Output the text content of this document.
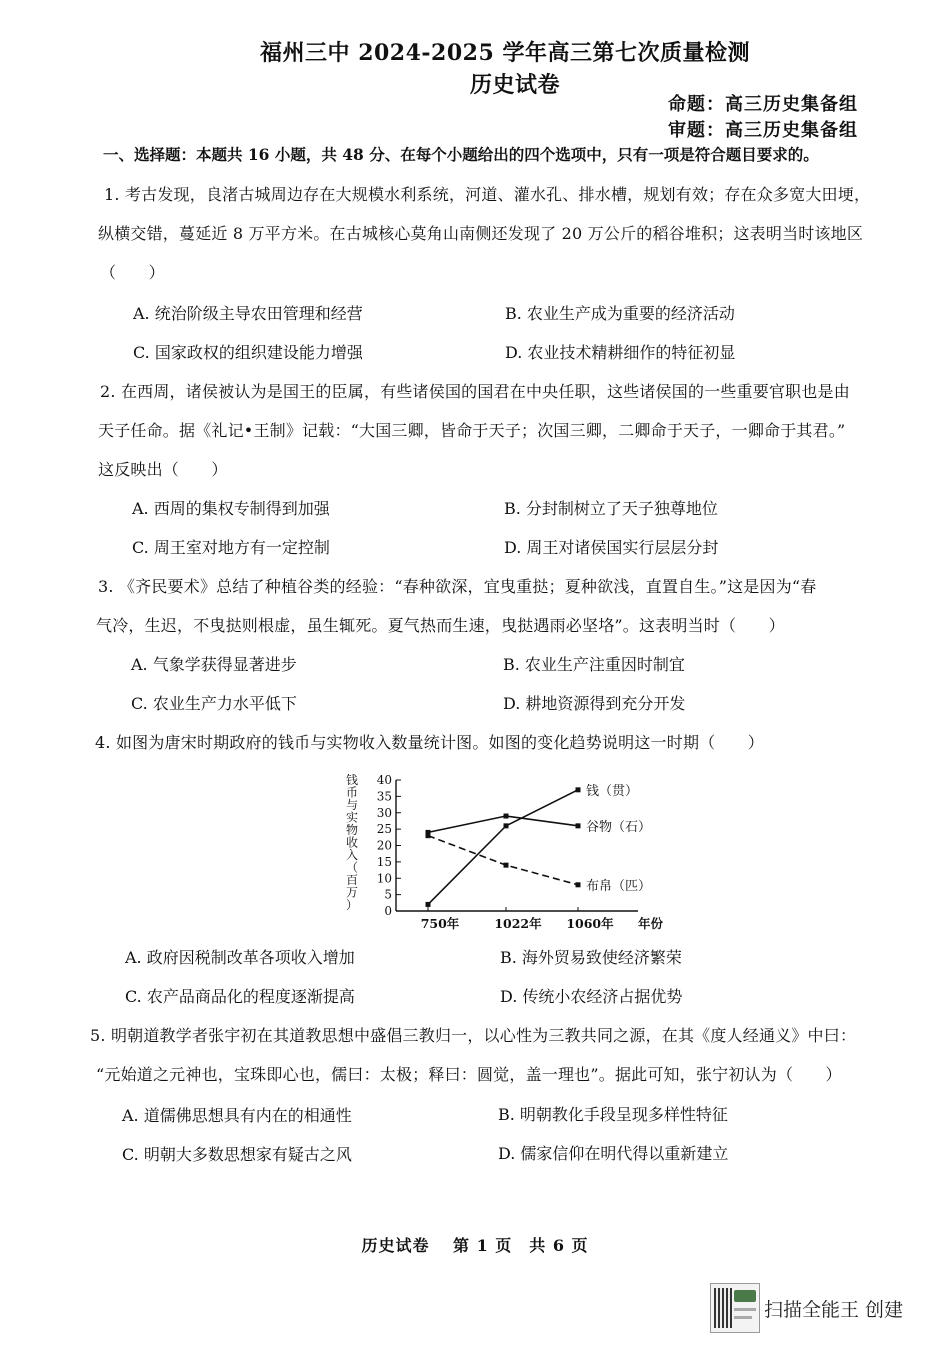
福州三中 2024-2025 学年高三第七次质量检测
历史试卷
命题：高三历史集备组
审题：高三历史集备组
一、选择题：本题共 16 小题，共 48 分、在每个小题给出的四个选项中，只有一项是符合题目要求的。
1. 考古发现，良渚古城周边存在大规模水利系统，河道、灌水孔、排水槽，规划有效；存在众多宽大田埂，
纵横交错，蔓延近 8 万平方米。在古城核心莫角山南侧还发现了 20 万公斤的稻谷堆积；这表明当时该地区
（　　）
A. 统治阶级主导农田管理和经营	B. 农业生产成为重要的经济活动
C. 国家政权的组织建设能力增强	D. 农业技术精耕细作的特征初显
2. 在西周，诸侯被认为是国王的臣属，有些诸侯国的国君在中央任职，这些诸侯国的一些重要官职也是由
天子任命。据《礼记•王制》记载：“大国三卿，皆命于天子；次国三卿，二卿命于天子，一卿命于其君。”
这反映出（　　）
A. 西周的集权专制得到加强	B. 分封制树立了天子独尊地位
C. 周王室对地方有一定控制	D. 周王对诸侯国实行层层分封
3. 《齐民要术》总结了种植谷类的经验：“春种欲深，宜曳重挞；夏种欲浅，直置自生。”这是因为“春
气冷，生迟，不曳挞则根虚，虽生辄死。夏气热而生速，曳挞遇雨必坚垎”。这表明当时（　　）
A. 气象学获得显著进步	B. 农业生产注重因时制宜
C. 农业生产力水平低下	D. 耕地资源得到充分开发
4. 如图为唐宋时期政府的钱币与实物收入数量统计图。如图的变化趋势说明这一时期（　　）
钱
币
与
实
物
收
入
（
百
万
） 0
5
10
15
20
25
30
35
40
750年	1022年 1060年 年份
钱（贯）
谷物（石）
布帛（匹）
A. 政府因税制改革各项收入增加	B. 海外贸易致使经济繁荣
C. 农产品商品化的程度逐渐提高	D. 传统小农经济占据优势
5. 明朝道教学者张宇初在其道教思想中盛倡三教归一，以心性为三教共同之源，在其《度人经通义》中曰：
“元始道之元神也，宝珠即心也，儒曰：太极；释曰：圆觉，盖一理也”。据此可知，张宁初认为（　　）
A. 道儒佛思想具有内在的相通性	B. 明朝教化手段呈现多样性特征
C. 明朝大多数思想家有疑古之风	D. 儒家信仰在明代得以重新建立
历史试卷　 第 1 页　共 6 页
扫描全能王 创建
